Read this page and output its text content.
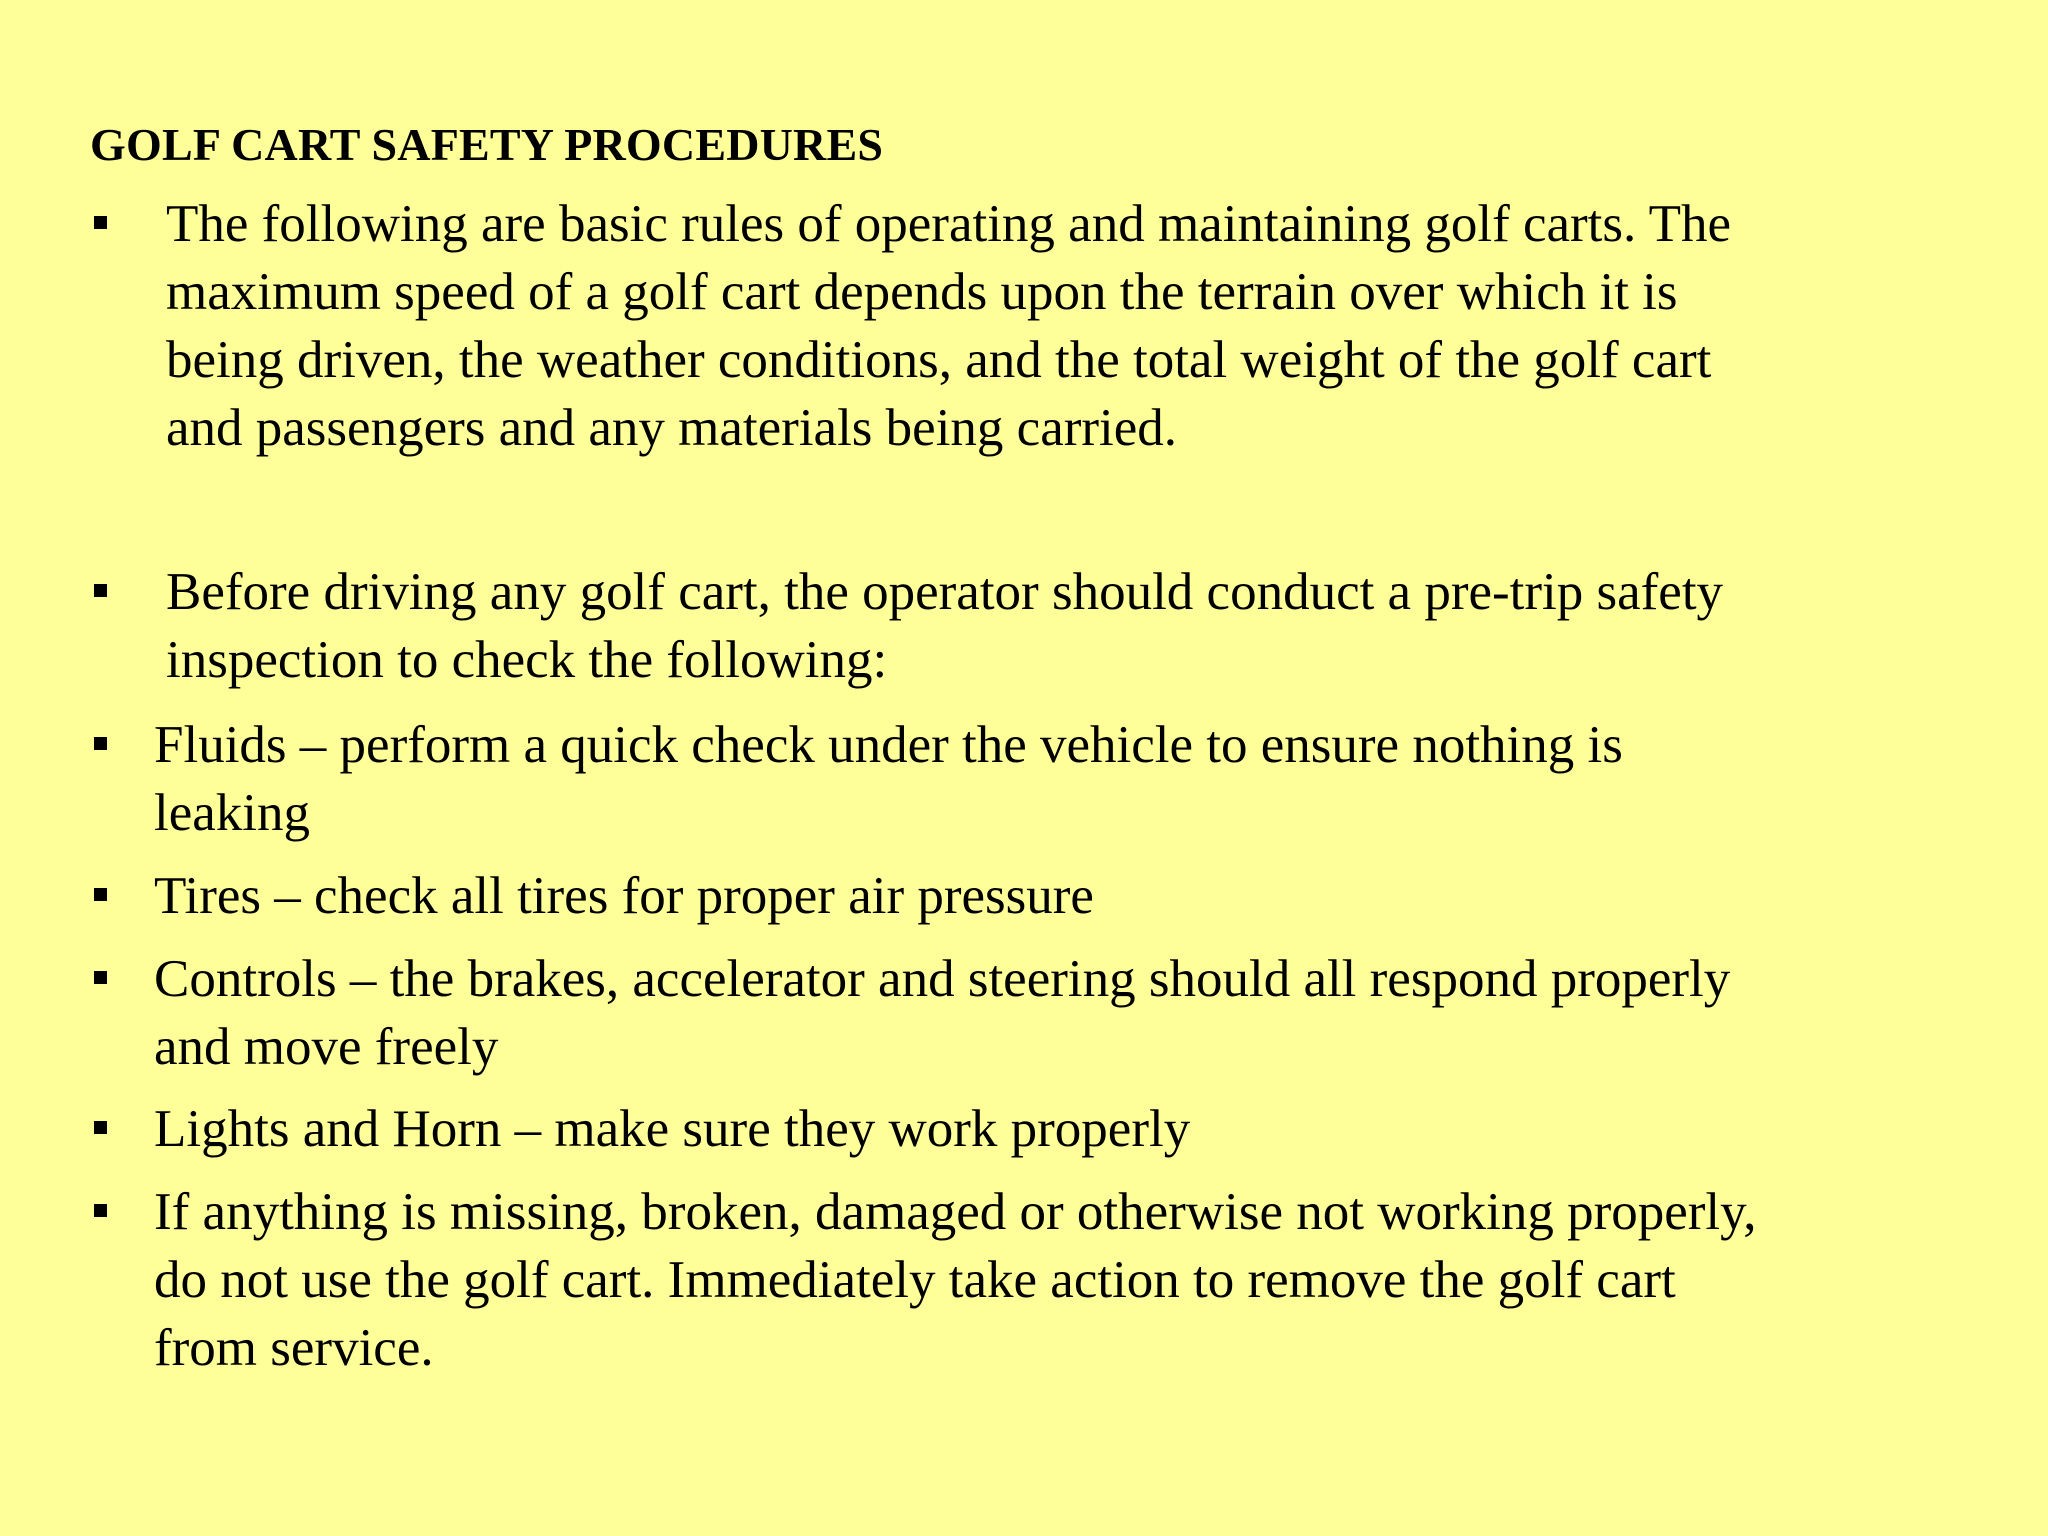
GOLF CART SAFETY PROCEDURES
The following are basic rules of operating and maintaining golf carts. The
maximum speed of a golf cart depends upon the terrain over which it is
being driven, the weather conditions, and the total weight of the golf cart
and passengers and any materials being carried.
Before driving any golf cart, the operator should conduct a pre-trip safety
inspection to check the following:
Fluids – perform a quick check under the vehicle to ensure nothing is
leaking
Tires – check all tires for proper air pressure
Controls – the brakes, accelerator and steering should all respond properly
and move freely
Lights and Horn – make sure they work properly
If anything is missing, broken, damaged or otherwise not working properly,
do not use the golf cart. Immediately take action to remove the golf cart
from service.
